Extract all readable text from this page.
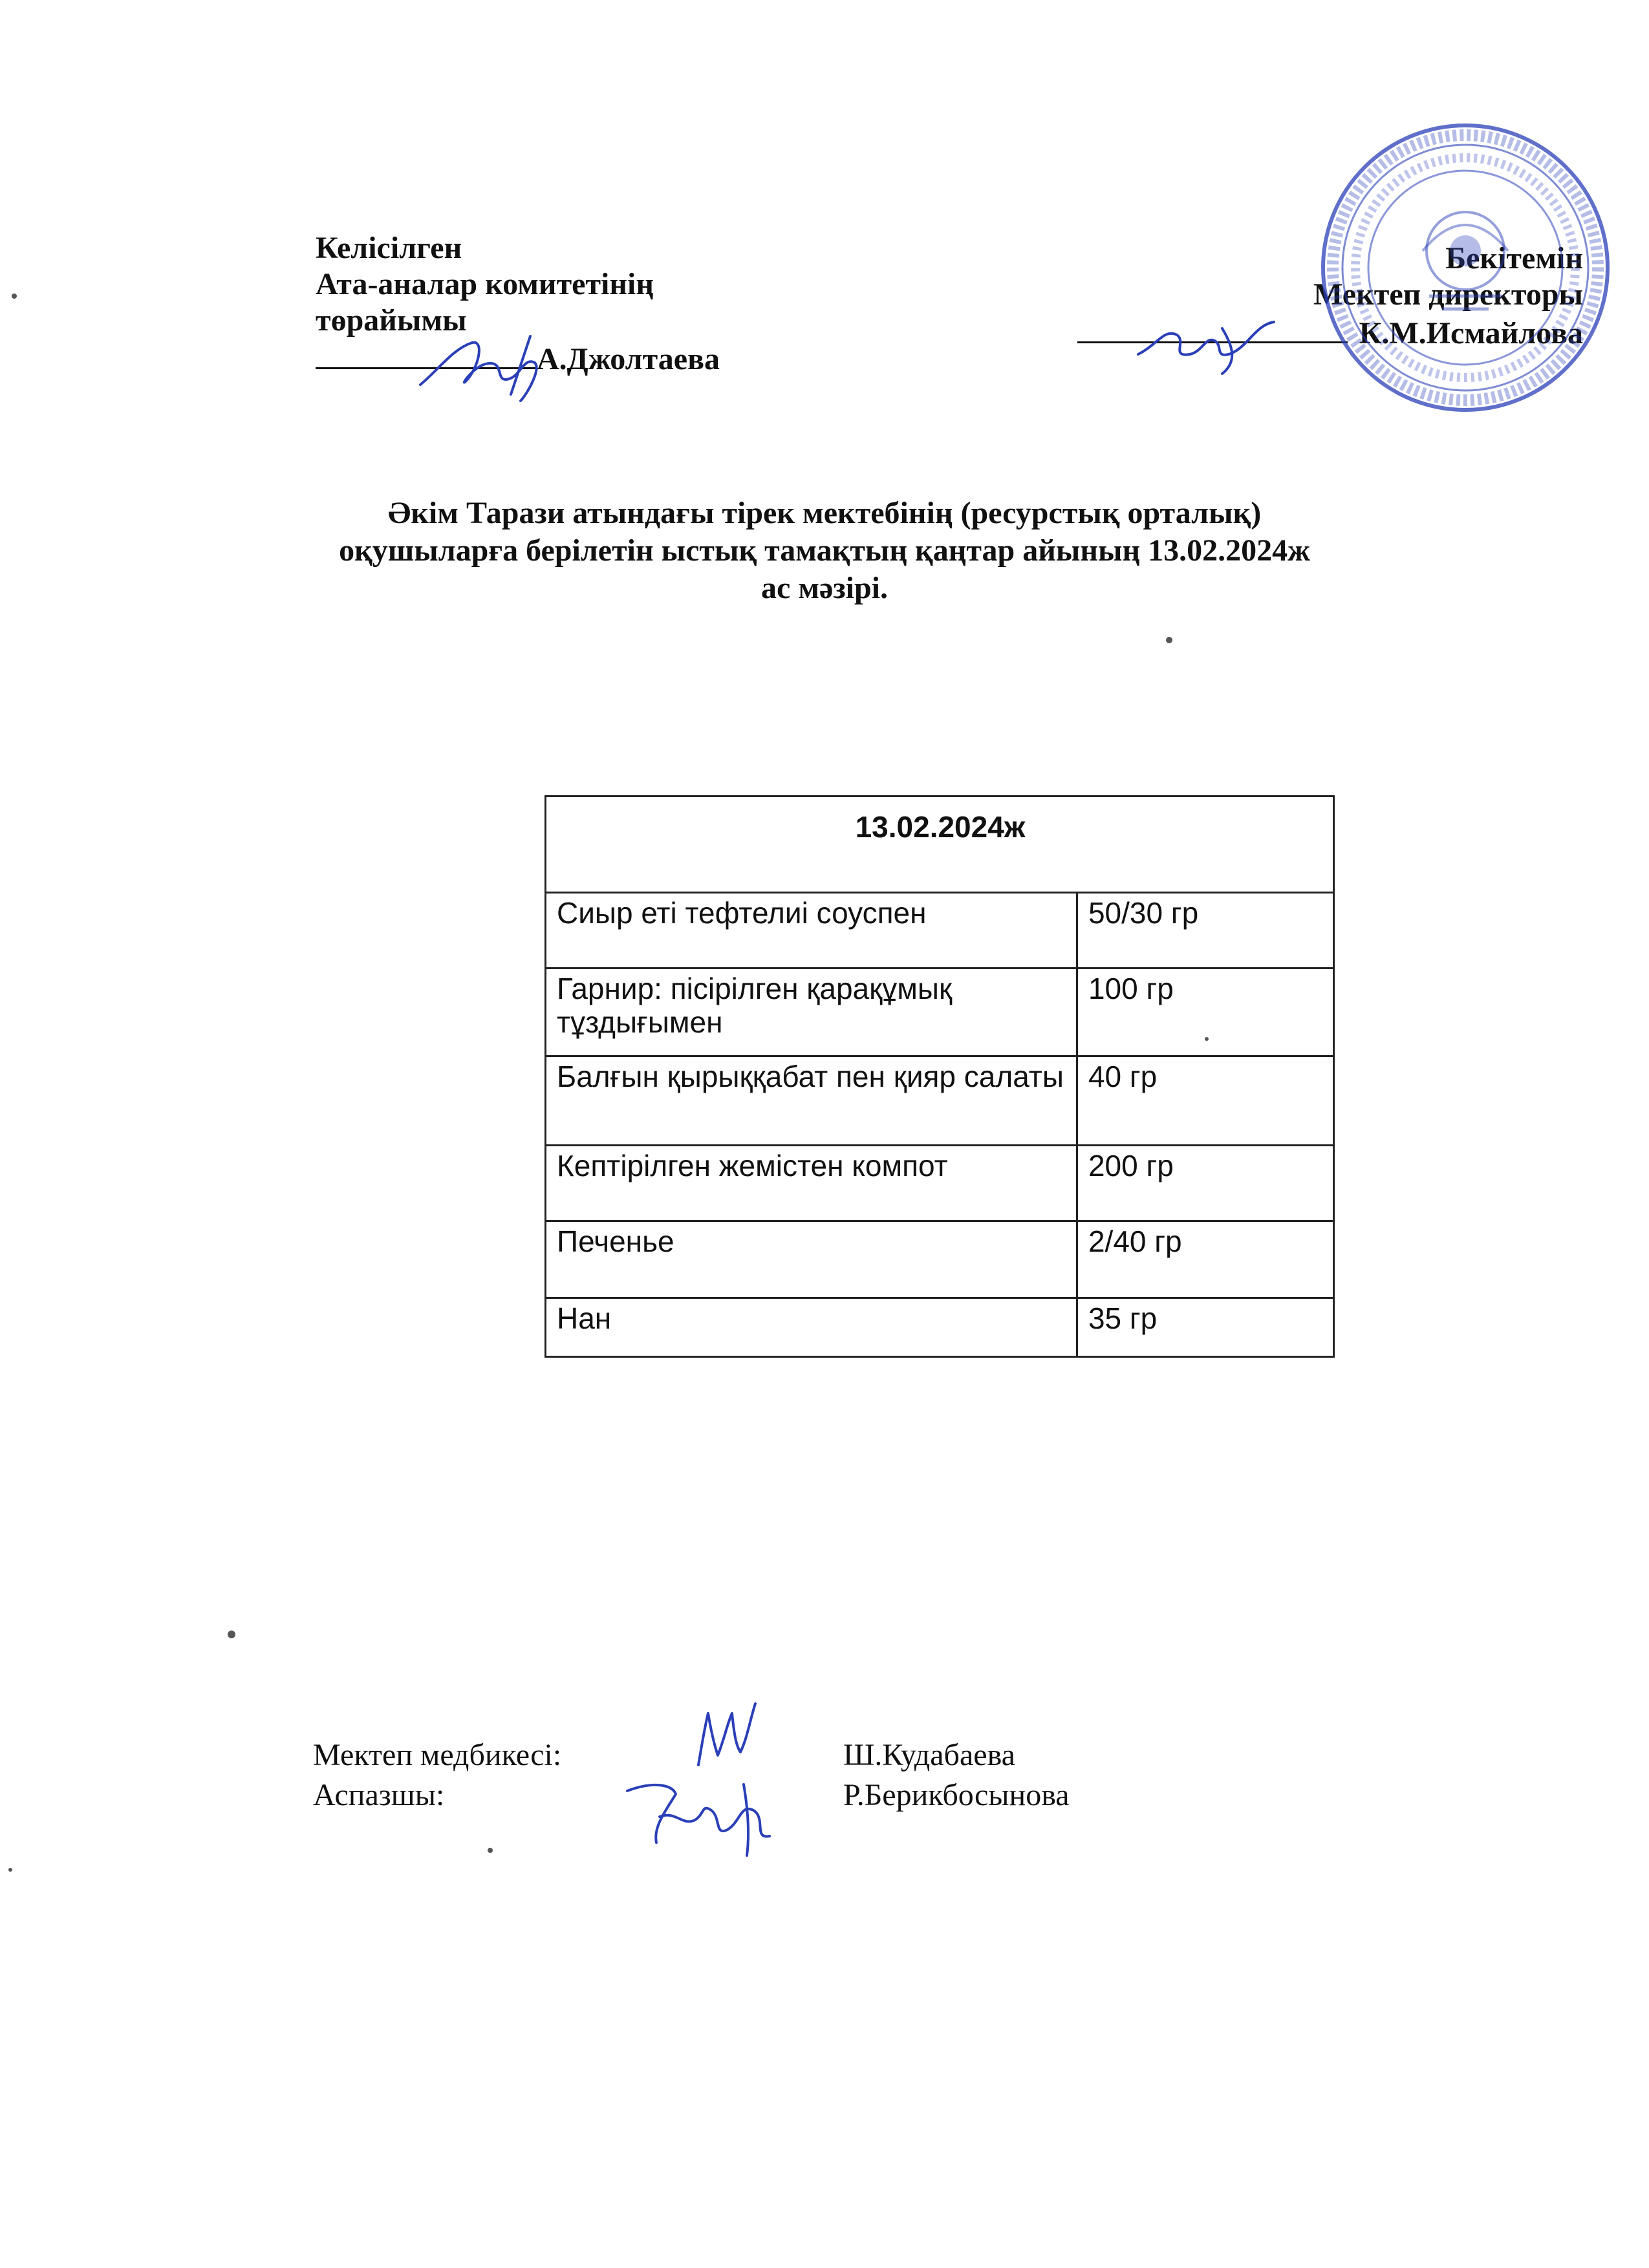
Келісілген
Ата-аналар комитетінің
төрайымы
А.Джолтаева
Бекітемін
Мектеп директоры
К.М.Исмайлова
Әкім Тарази атындағы тірек мектебінің (ресурстық орталық)
оқушыларға берілетін ыстық тамақтың қаңтар айының 13.02.2024ж
ас мәзірі.
13.02.2024ж	
Сиыр еті тефтелиі соуспен	50/30 гр
Гарнир: пісірілген қарақұмық тұздығымен	100 гр
Балғын қырыққабат пен қияр салаты	40 гр
Кептірілген жемістен компот	200 гр
Печенье	2/40 гр
Нан	35 гр
Мектеп медбикесі:	Ш.Кудабаева
Аспазшы:	Р.Берикбосынова
